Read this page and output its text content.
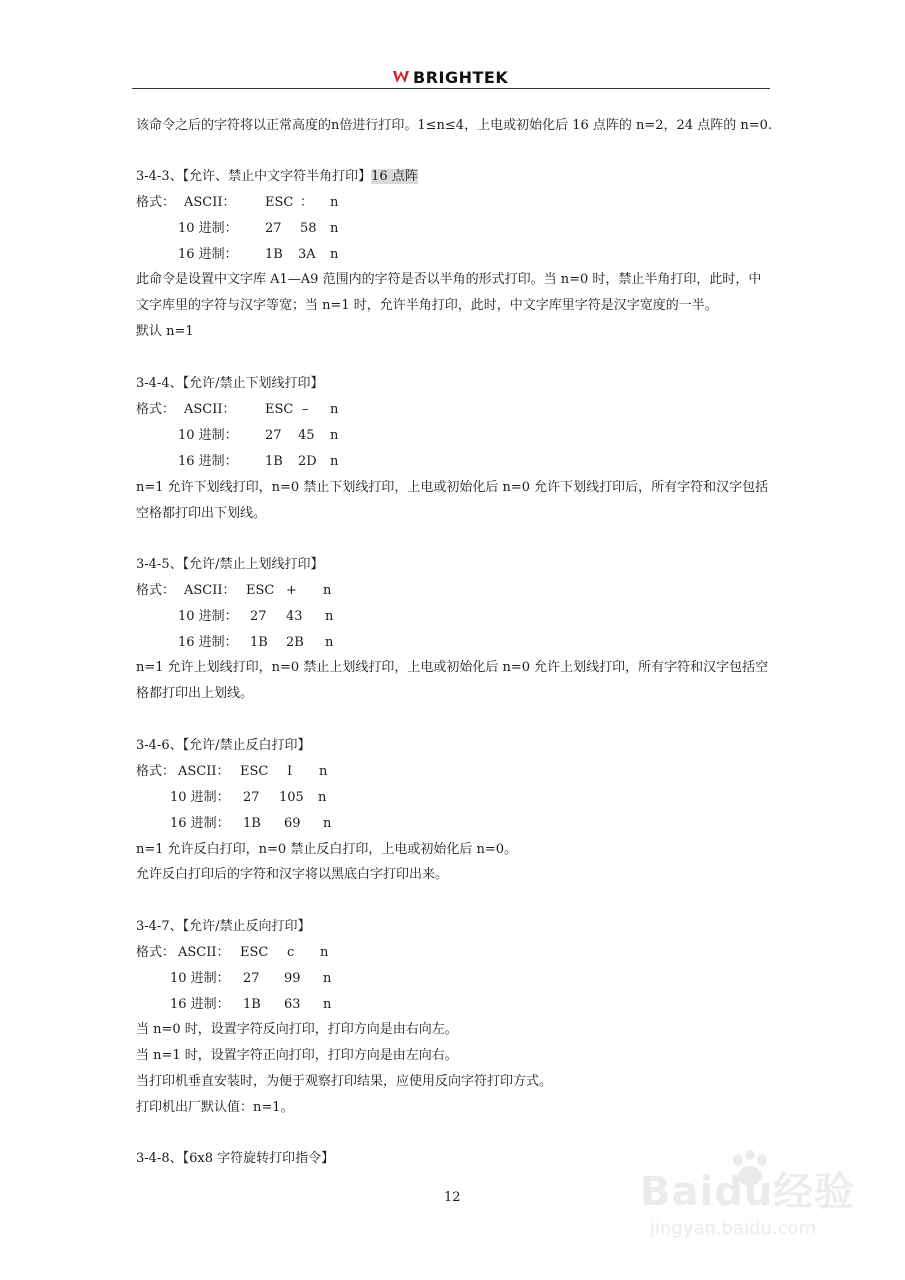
BRIGHTEK
该命令之后的字符将以正常高度的n倍进行打印。1≤n≤4，上电或初始化后 16 点阵的 n=2，24 点阵的 n=0.
3-4-3、【允许、禁止中文字符半角打印】16 点阵
格式： ASCII： ESC ： n
10 进制： 27 58 n
16 进制： 1B 3A n
此命令是设置中文字库 A1—A9 范围内的字符是否以半角的形式打印。当 n=0 时，禁止半角打印，此时，中
文字库里的字符与汉字等宽；当 n=1 时，允许半角打印，此时，中文字库里字符是汉字宽度的一半。
默认 n=1
3-4-4、【允许/禁止下划线打印】
格式： ASCII： ESC – n
10 进制： 27 45 n
16 进制： 1B 2D n
n=1 允许下划线打印，n=0 禁止下划线打印，上电或初始化后 n=0 允许下划线打印后，所有字符和汉字包括
空格都打印出下划线。
3-4-5、【允许/禁止上划线打印】
格式： ASCII： ESC + n
10 进制： 27 43 n
16 进制： 1B 2B n
n=1 允许上划线打印，n=0 禁止上划线打印，上电或初始化后 n=0 允许上划线打印，所有字符和汉字包括空
格都打印出上划线。
3-4-6、【允许/禁止反白打印】
格式： ASCII： ESC I n
10 进制： 27 105 n
16 进制： 1B 69 n
n=1 允许反白打印，n=0 禁止反白打印，上电或初始化后 n=0。
允许反白打印后的字符和汉字将以黑底白字打印出来。
3-4-7、【允许/禁止反向打印】
格式： ASCII： ESC c n
10 进制： 27 99 n
16 进制： 1B 63 n
当 n=0 时，设置字符反向打印，打印方向是由右向左。
当 n=1 时，设置字符正向打印，打印方向是由左向右。
当打印机垂直安装时，为便于观察打印结果，应使用反向字符打印方式。
打印机出厂默认值：n=1。
3-4-8、【6x8 字符旋转打印指令】
12	Baidu经验
jingyan.baidu.com
